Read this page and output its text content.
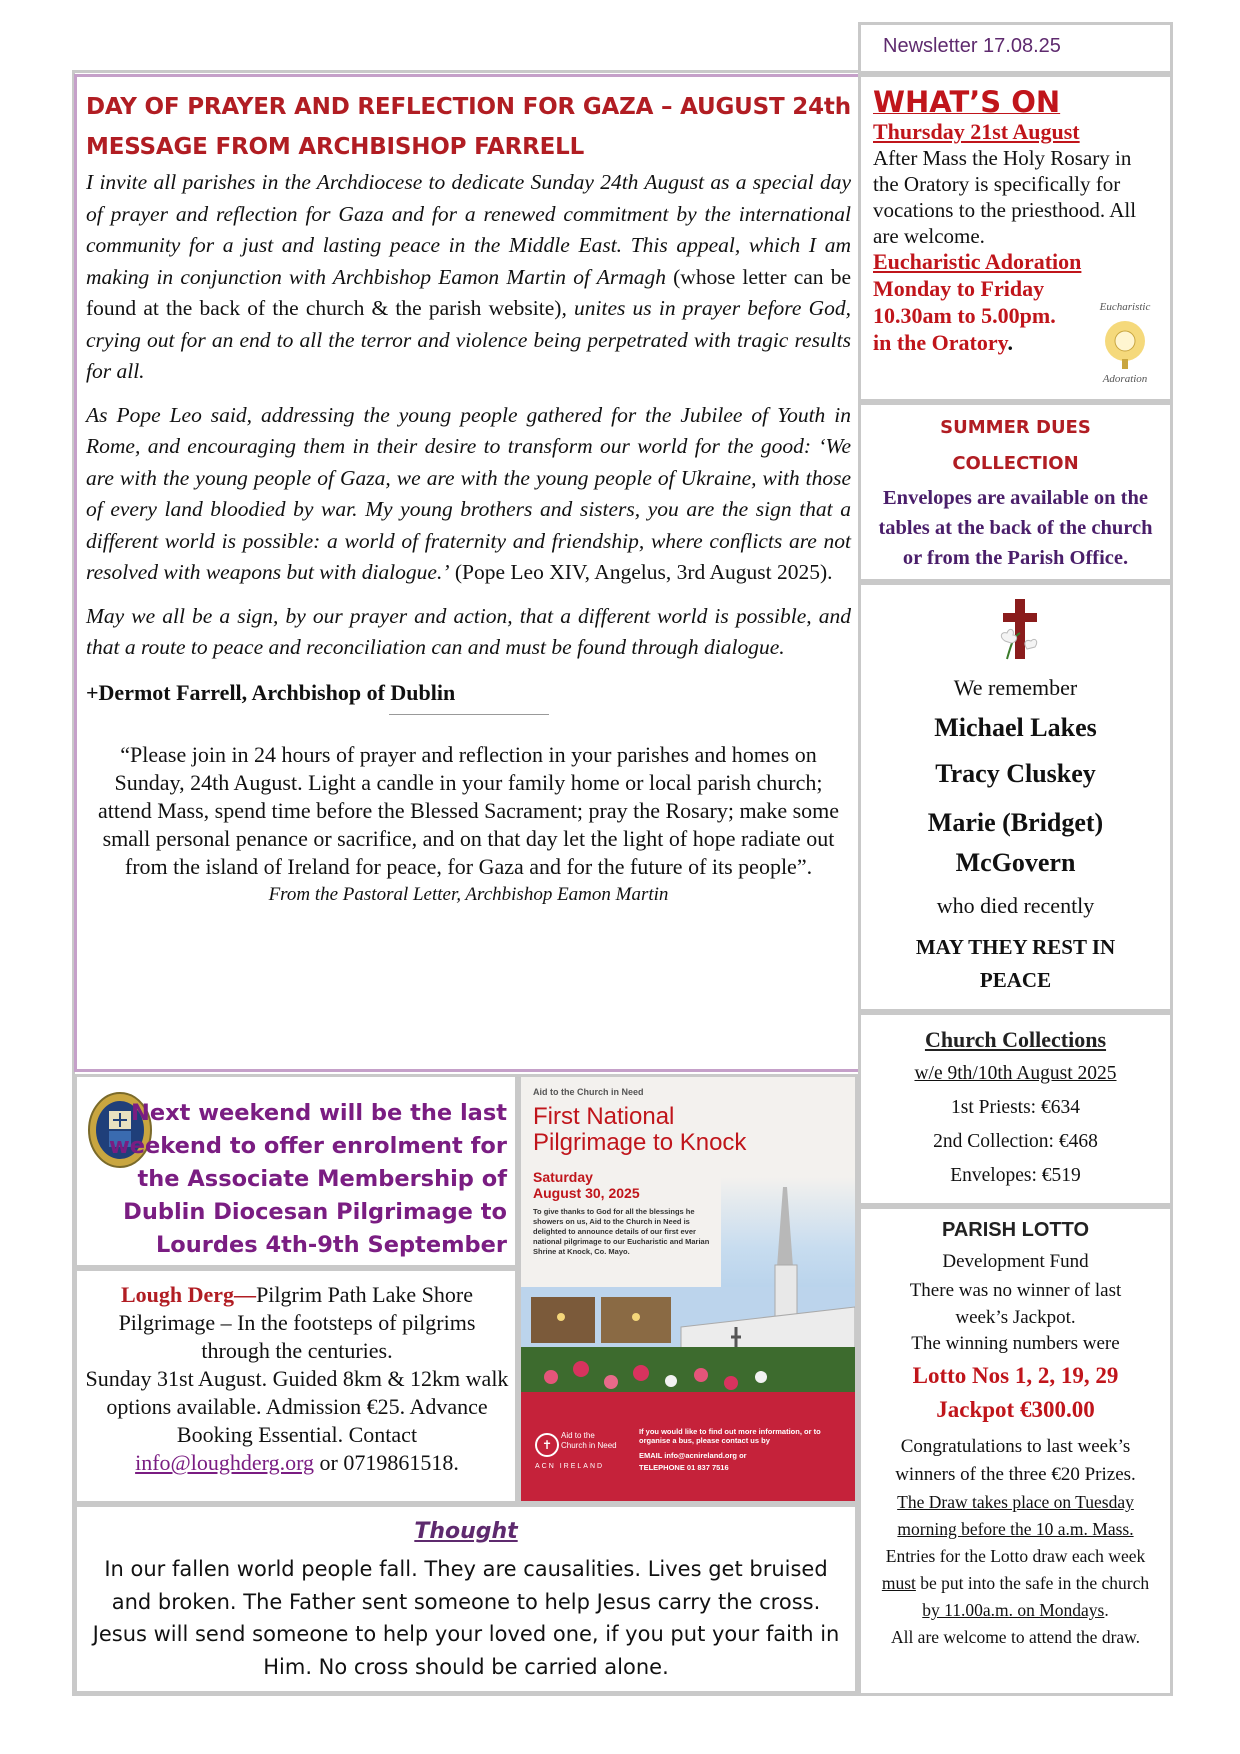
Newsletter 17.08.25
DAY OF PRAYER AND REFLECTION FOR GAZA – AUGUST 24th MESSAGE FROM ARCHBISHOP FARRELL

I invite all parishes in the Archdiocese to dedicate Sunday 24th August as a special day of prayer and reflection for Gaza and for a renewed commitment by the international community for a just and lasting peace in the Middle East. This appeal, which I am making in conjunction with Archbishop Eamon Martin of Armagh (whose letter can be found at the back of the church & the parish website), unites us in prayer before God, crying out for an end to all the terror and violence being perpetrated with tragic results for all.

As Pope Leo said, addressing the young people gathered for the Jubilee of Youth in Rome, and encouraging them in their desire to transform our world for the good: ‘We are with the young people of Gaza, we are with the young people of Ukraine, with those of every land bloodied by war. My young brothers and sisters, you are the sign that a different world is possible: a world of fraternity and friendship, where conflicts are not resolved with weapons but with dialogue.’ (Pope Leo XIV, Angelus, 3rd August 2025).

May we all be a sign, by our prayer and action, that a different world is possible, and that a route to peace and reconciliation can and must be found through dialogue.

+Dermot Farrell, Archbishop of Dublin

“Please join in 24 hours of prayer and reflection in your parishes and homes on Sunday, 24th August. Light a candle in your family home or local parish church; attend Mass, spend time before the Blessed Sacrament; pray the Rosary; make some small personal penance or sacrifice, and on that day let the light of hope radiate out from the island of Ireland for peace, for Gaza and for the future of its people”.

From the Pastoral Letter, Archbishop Eamon Martin

Next weekend will be the last weekend to offer enrolment for the Associate Membership of Dublin Diocesan Pilgrimage to Lourdes 4th-9th September
Lough Derg—Pilgrim Path Lake Shore Pilgrimage – In the footsteps of pilgrims through the centuries.
Sunday 31st August. Guided 8km & 12km walk options available. Admission €25. Advance Booking Essential. Contact info@loughderg.org or 0719861518.
Aid to the Church in Need
First National
Pilgrimage to Knock
Saturday
August 30, 2025
To give thanks to God for all the blessings he showers on us, Aid to the Church in Need is delighted to announce details of our first ever national pilgrimage to our Eucharistic and Marian Shrine at Knock, Co. Mayo.
✝
Aid to the Church in Need
ACN IRELAND
If you would like to find out more information, or to organise a bus, please contact us by
EMAIL info@acnireland.org or
TELEPHONE 01 837 7516
Thought
In our fallen world people fall. They are causalities. Lives get bruised and broken. The Father sent someone to help Jesus carry the cross. Jesus will send someone to help your loved one, if you put your faith in Him. No cross should be carried alone.
WHAT’S ON
Thursday 21st August
After Mass the Holy Rosary in the Oratory is specifically for vocations to the priesthood. All are welcome.
Eucharistic Adoration
Monday to Friday 10.30am to 5.00pm. in the Oratory.
Eucharistic
Adoration
SUMMER DUES
COLLECTION
Envelopes are available on the tables at the back of the church or from the Parish Office.
We remember
Michael Lakes
Tracy Cluskey
Marie (Bridget) McGovern
who died recently
MAY THEY REST IN PEACE
Church Collections
w/e 9th/10th August 2025
1st Priests: €634
2nd Collection: €468
Envelopes: €519
PARISH LOTTO
Development Fund
There was no winner of last week’s Jackpot.
The winning numbers were
Lotto Nos 1, 2, 19, 29
Jackpot €300.00
Congratulations to last week’s winners of the three €20 Prizes.
The Draw takes place on Tuesday morning before the 10 a.m. Mass. Entries for the Lotto draw each week must be put into the safe in the church by 11.00a.m. on Mondays.
All are welcome to attend the draw.
